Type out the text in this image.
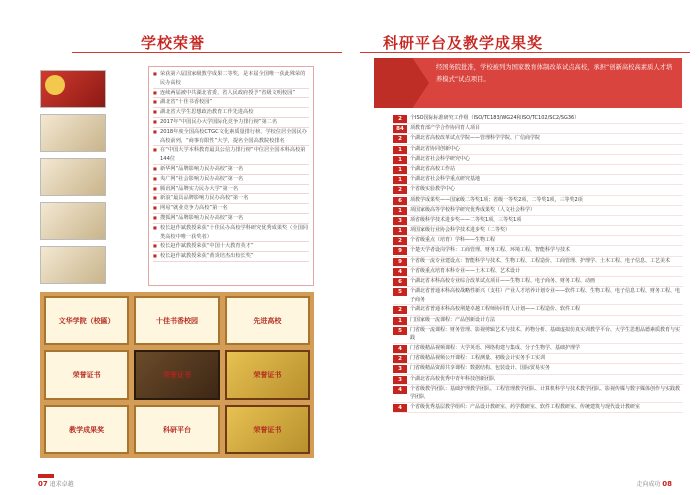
学校荣誉
■ 荣获第六届国家级教学成果二等奖，是本届全国唯一获此殊荣的民办高校
■ 连续两届被中共湖北省委、省人民政府授予“省级文明校园”
■ 湖北省“十佳书香校园”
■ 湖北省大学生思想政治教育工作先进高校
■ 2017年“中国民办大学国际化竞争力排行榜”第二名
■ 2018年度全国高校CTGC文化素质量排行榜、学校位居全国民办高校前列，“商事有限性”大学，提名全国高教院校排名
■ 在“中国大学本科教育最具公信力排行榜”中位居全国本科高校第144位
■ 新华网“品牌影响力民办高校”第一名
■ 央广网“社会影响力民办高校”第一名
■ 腾讯网“品牌实力民办大学”第一名
■ 新浪“最具品牌影响力民办高校”第一名
■ 网易“就业竞争力高校”第一名
■ 搜狐网“品牌影响力民办高校”第一名
■ 校长赵作斌教授荣获“十佳民办高校学科研究优秀成果奖（全国同类高校中唯一获奖者）
■ 校长赵作斌教授荣获“中国十大教育英才”
■ 校长赵作斌教授荣获“黄炎培杰出校长奖”
文华学院（校匾）	十佳书香校园	先进高校
荣誉证书	荣誉证书	荣誉证书
教学成果奖	科研平台	荣誉证书
07 追求卓越
科研平台及教学成果奖
经国务院批准，学校被列为国家教育体制改革试点高校，承担“创新高校高素质人才培养模式”试点项目。
2	个ISO国际标准研究工作组（ISO/TC183/WG24和ISO/TC102/SC2/SG36）
84	项教育部产学合作协同育人项目
2	个湖北省高校改革试点学院——管理科学学院、广信商学院
1	个湖北省协同创新中心
1	个湖北省社会科学研究中心
1	个湖北省高校工作站
1	个湖北省社会科学重点研究基地
2	个省级实验教学中心
6	项教学成果奖——国家级二等奖1项；省级一等奖2项，二等奖1项，三等奖2项
1	项国家级高等学校科学研究优秀成果奖（人文社会科学）
3	项省级科学技术进步奖——二等奖1项，三等奖1项
1	项国家级行业协会科学技术进步奖（二等奖）
2	个省级重点（培育）学科——生物工程
9	个楚天学者设岗学科：工商管理、财务工程、环境工程、智能科学与技术
9	个省级一流专业建设点：智能科学与技术、生物工程、工程造价、工商管理、护理学、土木工程、电子信息、工艺美术
4	个省级重点培育本科专业——土木工程、艺术设计
6	个湖北省本科高校专业综合改革试点项目——生物工程、电子商务、财务工程、动画
5	个湖北省普通本科高校战略性新兴（支柱）产业人才培养计划专业——软件工程、生物工程、电子信息工程、财务工程、电子商务
2	个湖北省普通本科高校荆楚卓越工程师协同育人计划——工程造价、软件工程
1	门国家级一流课程：产品创新设计方法
5	门省级一流课程：财务管理、影视剪辑艺术与技术、药物分析、基础虚拟仿真实训教学平台、大学生思想品德素质教育与实践
4	门省级精品视频课程：大学英语、网络构建与集成、分子生物学、基础护理学
2	门省级精品视频公开课程：工程测量、初级会计实务手工实训
3	门省级精品资源共享课程：数据结构、包装设计、国际贸易实务
3	个湖北省高校优秀中青年科技创新团队
4	个省级教学团队：基础护理教学团队、工程管理教学团队、计算机科学与技术教学团队、影视传媒与数字媒体创作与实践教学团队
4	个省级优秀基层教学组织：产品设计教研室、药学教研室、软件工程教研室、传统建筑与现代设计教研室
走向成功 08
